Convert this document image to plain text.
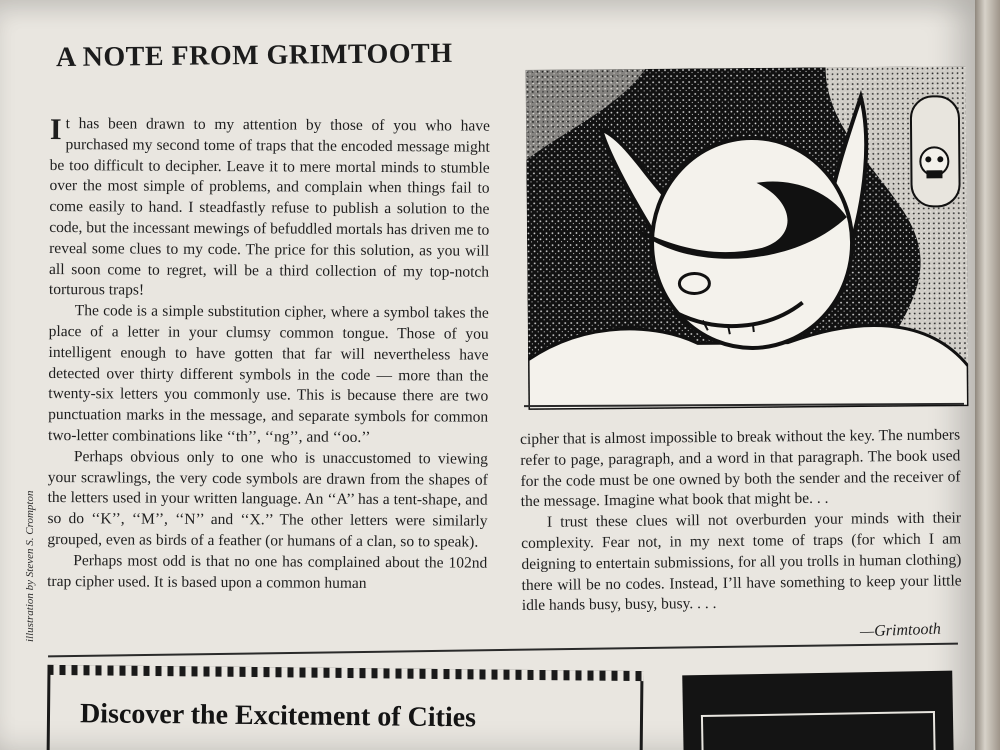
A NOTE FROM GRIMTOOTH
illustration by Steven S. Crompton

It has been drawn to my attention by those of you who have purchased my second tome of traps that the encoded message might be too difficult to decipher. Leave it to mere mortal minds to stumble over the most simple of problems, and complain when things fail to come easily to hand. I steadfastly refuse to publish a solution to the code, but the incessant mewings of befuddled mortals has driven me to reveal some clues to my code. The price for this solution, as you will all soon come to regret, will be a third collection of my top-notch torturous traps!

The code is a simple substitution cipher, where a symbol takes the place of a letter in your clumsy common tongue. Those of you intelligent enough to have gotten that far will nevertheless have detected over thirty different symbols in the code — more than the twenty-six letters you commonly use. This is because there are two punctuation marks in the message, and separate symbols for common two-letter combinations like ‘‘th’’, ‘‘ng’’, and ‘‘oo.’’

Perhaps obvious only to one who is unaccustomed to viewing your scrawlings, the very code symbols are drawn from the shapes of the letters used in your written language. An ‘‘A’’ has a tent-shape, and so do ‘‘K’’, ‘‘M’’, ‘‘N’’ and ‘‘X.’’ The other letters were similarly grouped, even as birds of a feather (or humans of a clan, so to speak).

Perhaps most odd is that no one has complained about the 102nd trap cipher used. It is based upon a common human

cipher that is almost impossible to break without the key. The numbers refer to page, paragraph, and a word in that paragraph. The book used for the code must be one owned by both the sender and the receiver of the message. Imagine what book that might be. . .

I trust these clues will not overburden your minds with their complexity. Fear not, in my next tome of traps (for which I am deigning to entertain submissions, for all you trolls in human clothing) there will be no codes. Instead, I’ll have something to keep your little idle hands busy, busy, busy. . . .

—Grimtooth
Discover the Excitement of Cities
